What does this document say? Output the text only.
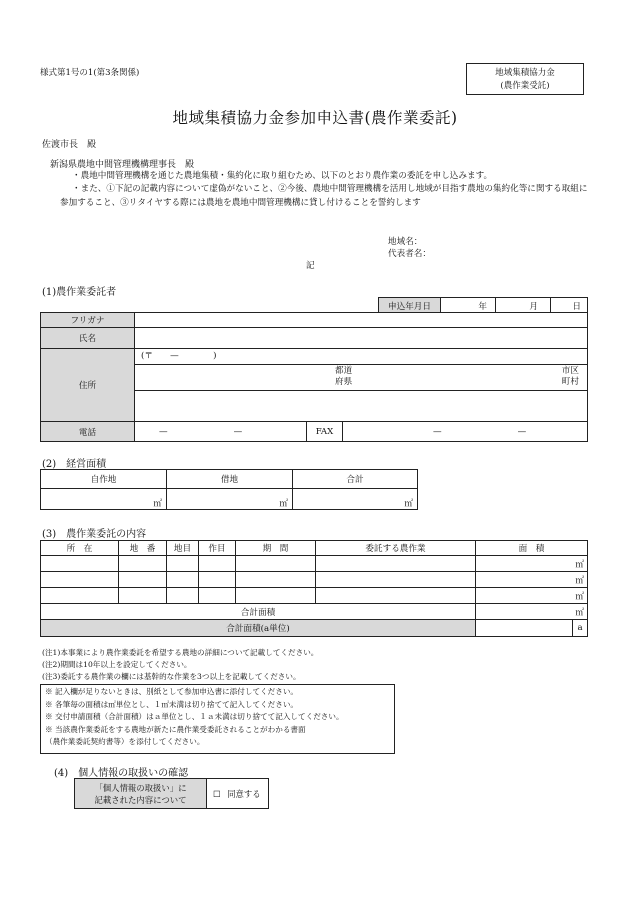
様式第1号の1(第3条関係)	地域集積協力金
(農作業受託)
地域集積協力金参加申込書(農作業委託)
佐渡市長　殿
新潟県農地中間管理機構理事長　殿
・農地中間管理機構を通じた農地集積・集約化に取り組むため、以下のとおり農作業の委託を申し込みます。
・また、①下記の記載内容について虚偽がないこと、②今後、農地中間管理機構を活用し地域が目指す農地の集約化等に関する取組に参加すること、③リタイヤする際には農地を農地中間管理機構に貸し付けることを誓約します
地域名：
代表者名：
記
(1)農作業委託者
申込年月日	年	月	日
フリガナ			
氏名			
住所	(〒　　—　　　　)
都道
府県
市区
町村		

電話	— —	FAX	— —
(2)　経営面積
自作地	借地	合計
㎡	㎡	㎡
(3)　農作業委託の内容
所　在	地　番	地目	作目	期　間	委託する農作業	面　積
						㎡
						㎡
						㎡
合計面積						㎡
合計面積(a単位)						a
(注1)本事業により農作業委託を希望する農地の詳細について記載してください。
(注2)期間は10年以上を設定してください。
(注3)委託する農作業の欄には基幹的な作業を3つ以上を記載してください。
※ 記入欄が足りないときは、別紙として参加申込書に添付してください。
※ 各筆毎の面積は㎡単位とし、１㎡未満は切り捨てて記入してください。
※ 交付申請面積（合計面積）はａ単位とし、１ａ未満は切り捨てて記入してください。
※ 当該農作業委託をする農地が新たに農作業受委託されることがわかる書面
（農作業委託契約書等）を添付してください。
(4)　個人情報の取扱いの確認
「個人情報の取扱い」に
記載された内容について
	☐ 同意する
